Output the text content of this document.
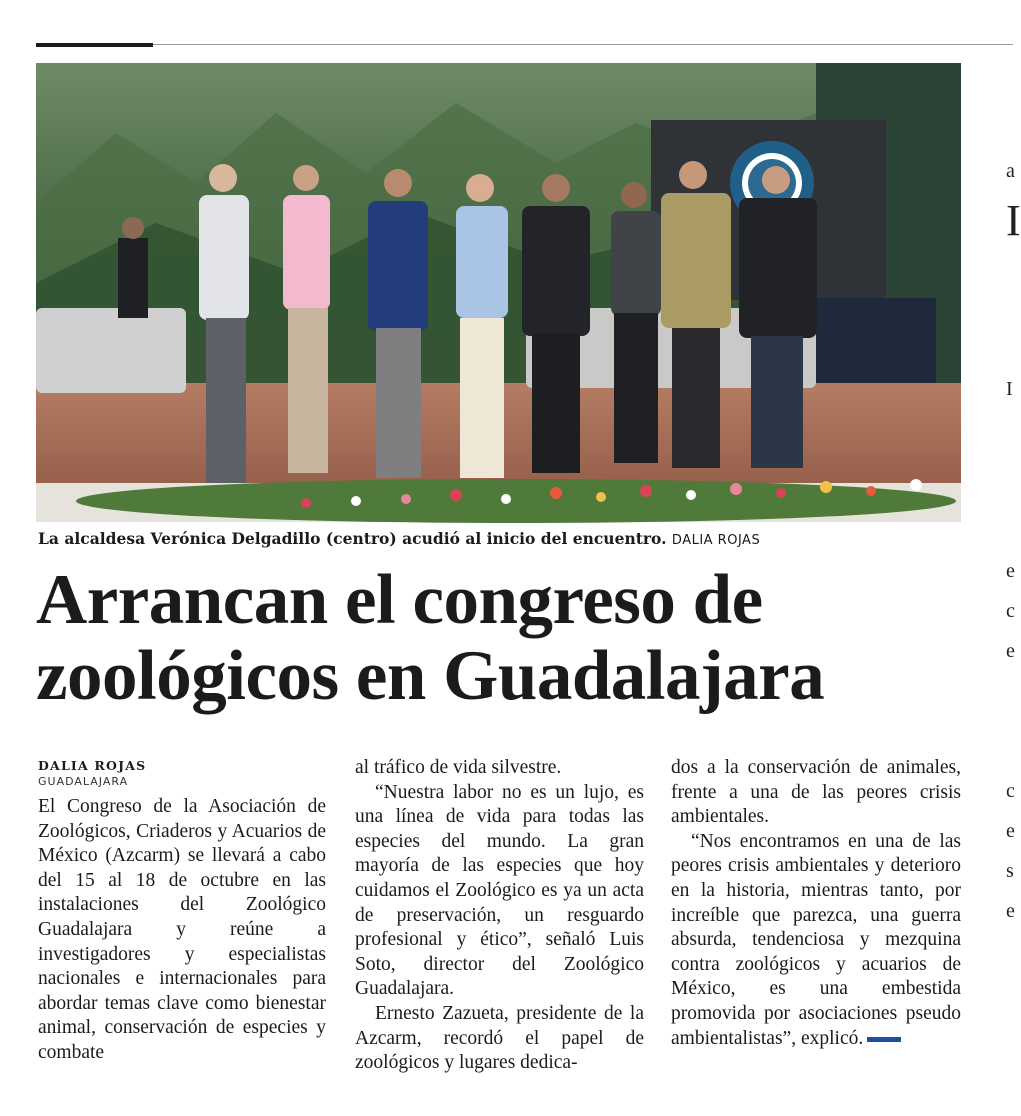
La alcaldesa Verónica Delgadillo (centro) acudió al inicio del encuentro. DALIA ROJAS
Arrancan el congreso de
zoológicos en Guadalajara
DALIA ROJAS
GUADALAJARA

El Congreso de la Asociación de Zoológicos, Criaderos y Acuarios de México (Azcarm) se llevará a cabo del 15 al 18 de octubre en las instalaciones del Zoológico Guadalajara y reúne a investigadores y especialistas nacionales e internacionales para abordar temas clave como bienestar animal, conservación de especies y combate

al tráfico de vida silvestre.

“Nuestra labor no es un lujo, es una línea de vida para todas las especies del mundo. La gran mayoría de las especies que hoy cuidamos el Zoológico es ya un acta de preservación, un resguardo profesional y ético”, señaló Luis Soto, director del Zoológico Guadalajara.

Ernesto Zazueta, presidente de la Azcarm, recordó el papel de zoológicos y lugares dedica-

dos a la conservación de animales, frente a una de las peores crisis ambientales.

“Nos encontramos en una de las peores crisis ambientales y deterioro en la historia, mientras tanto, por increíble que parezca, una guerra absurda, tendenciosa y mezquina contra zoológicos y acuarios de México, es una embestida promovida por asociaciones pseudo ambientalistas”, explicó.

a
I
I
e
c
e
c
e
s
e
